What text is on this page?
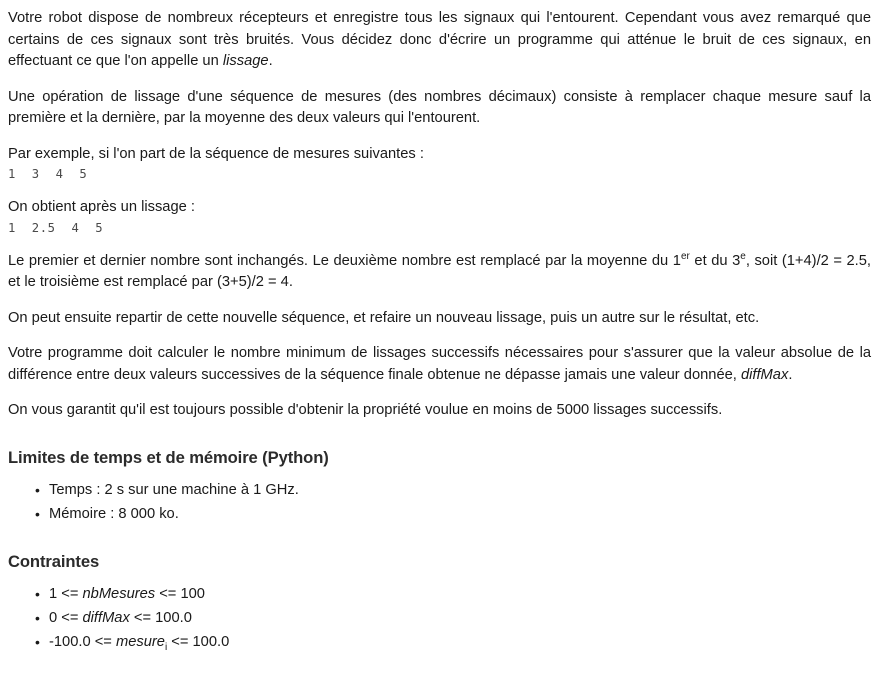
Votre robot dispose de nombreux récepteurs et enregistre tous les signaux qui l'entourent. Cependant vous avez remarqué que certains de ces signaux sont très bruités. Vous décidez donc d'écrire un programme qui atténue le bruit de ces signaux, en effectuant ce que l'on appelle un lissage.

Une opération de lissage d'une séquence de mesures (des nombres décimaux) consiste à remplacer chaque mesure sauf la première et la dernière, par la moyenne des deux valeurs qui l'entourent.

Par exemple, si l'on part de la séquence de mesures suivantes :

1  3  4  5

On obtient après un lissage :

1  2.5  4  5

Le premier et dernier nombre sont inchangés. Le deuxième nombre est remplacé par la moyenne du 1er et du 3e, soit (1+4)/2 = 2.5, et le troisième est remplacé par (3+5)/2 = 4.

On peut ensuite repartir de cette nouvelle séquence, et refaire un nouveau lissage, puis un autre sur le résultat, etc.

Votre programme doit calculer le nombre minimum de lissages successifs nécessaires pour s'assurer que la valeur absolue de la différence entre deux valeurs successives de la séquence finale obtenue ne dépasse jamais une valeur donnée, diffMax.

On vous garantit qu'il est toujours possible d'obtenir la propriété voulue en moins de 5000 lissages successifs.

Limites de temps et de mémoire (Python)
• Temps : 2 s sur une machine à 1 GHz.
• Mémoire : 8 000 ko.
Contraintes
• 1 <= nbMesures <= 100
• 0 <= diffMax <= 100.0
• -100.0 <= mesure$_i$ <= 100.0
